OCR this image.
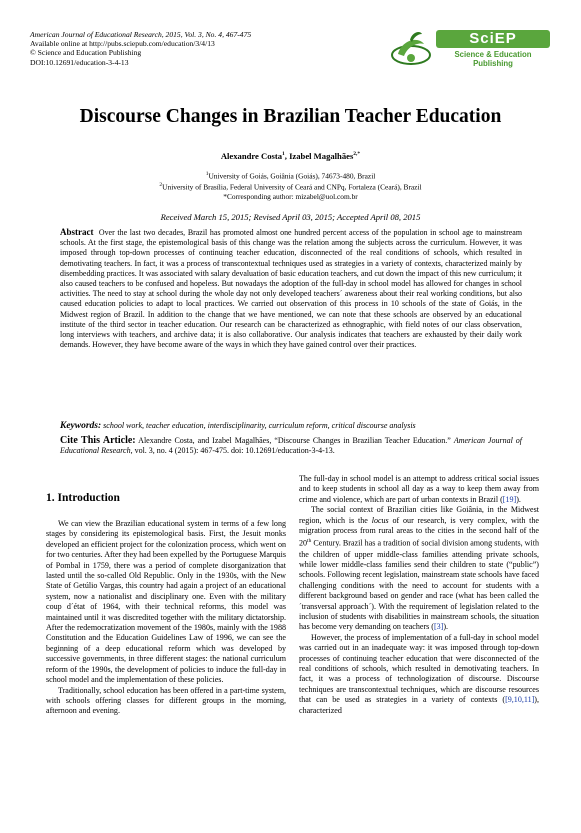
American Journal of Educational Research, 2015, Vol. 3, No. 4, 467-475
Available online at http://pubs.sciepub.com/education/3/4/13
© Science and Education Publishing
DOI:10.12691/education-3-4-13
SciEP
Science & Education
Publishing
Discourse Changes in Brazilian Teacher Education
Alexandre Costa$^1$, Izabel Magalhães$^{2,*}$
$^1$University of Goiás, Goiânia (Goiás), 74673-480, Brazil
$^2$University of Brasília, Federal University of Ceará and CNPq, Fortaleza (Ceará), Brazil
*Corresponding author: mizabel@uol.com.br
Received March 15, 2015; Revised April 03, 2015; Accepted April 08, 2015
Abstract Over the last two decades, Brazil has promoted almost one hundred percent access of the population in school age to mainstream schools. At the first stage, the epistemological basis of this change was the relation among the subjects across the curriculum. However, it was imposed through top-down processes of continuing teacher education, disconnected of the real conditions of schools, which resulted in demotivating teachers. In fact, it was a process of transcontextual techniques used as strategies in a variety of contexts, characterized mainly by disembedding practices. It was associated with salary devaluation of basic education teachers, and cut down the impact of this new curriculum; it also caused teachers to be confused and hopeless. But nowadays the adoption of the full-day in school model has allowed for changes in school activities. The need to stay at school during the whole day not only developed teachers´ awareness about their real working conditions, but also caused education policies to adapt to local practices. We carried out observation of this process in 10 schools of the state of Goiás, in the Midwest region of Brazil. In addition to the change that we have mentioned, we can note that these schools are observed by an educational institute of the third sector in teacher education. Our research can be characterized as ethnographic, with field notes of our class observation, long interviews with teachers, and archive data; it is also collaborative. Our analysis indicates that teachers are exhausted by their daily work demands. However, they have become aware of the ways in which they have gained control over their practices.
Keywords: school work, teacher education, interdisciplinarity, curriculum reform, critical discourse analysis
Cite This Article: Alexandre Costa, and Izabel Magalhães, “Discourse Changes in Brazilian Teacher Education.” American Journal of Educational Research, vol. 3, no. 4 (2015): 467-475. doi: 10.12691/education-3-4-13.
1. Introduction

We can view the Brazilian educational system in terms of a few long stages by considering its epistemological basis. First, the Jesuit monks developed an efficient project for the colonization process, which went on for two centuries. After they had been expelled by the Portuguese Marquis of Pombal in 1759, there was a period of complete disorganization that lasted until the so-called Old Republic. Only in the 1930s, with the New State of Getúlio Vargas, this country had again a project of an educational system, now a nationalist and disciplinary one. Even with the military coup d´état of 1964, with their technical reforms, this model was maintained until it was discredited together with the military dictatorship. After the redemocratization movement of the 1980s, mainly with the 1988 Constitution and the Education Guidelines Law of 1996, we can see the beginning of a deep educational reform which was developed by successive governments, in three different stages: the national curriculum reform of the 1990s, the development of policies to induce the full-day in school model and the implementation of these policies.

Traditionally, school education has been offered in a part-time system, with schools offering classes for different groups in the morning, afternoon and evening.

The full-day in school model is an attempt to address critical social issues and to keep students in school all day as a way to keep them away from crime and violence, which are part of urban contexts in Brazil ([19]).

The social context of Brazilian cities like Goiânia, in the Midwest region, which is the locus of our research, is very complex, with the migration process from rural areas to the cities in the second half of the 20th Century. Brazil has a tradition of social division among students, with the children of upper middle-class families attending private schools, while lower middle-class families send their children to state (“public”) schools. Following recent legislation, mainstream state schools have faced challenging conditions with the need to account for students with a different background based on gender and race (what has been called the ´transversal approach´). With the requirement of legislation related to the inclusion of students with disabilities in mainstream schools, the situation has become very demanding on teachers ([3]).

However, the process of implementation of a full-day in school model was carried out in an inadequate way: it was imposed through top-down processes of continuing teacher education that were disconnected of the real conditions of schools, which resulted in demotivating teachers. In fact, it was a process of technologization of discourse. Discourse techniques are transcontextual techniques, which are discourse resources that can be used as strategies in a variety of contexts ([9,10,11]), characterized
